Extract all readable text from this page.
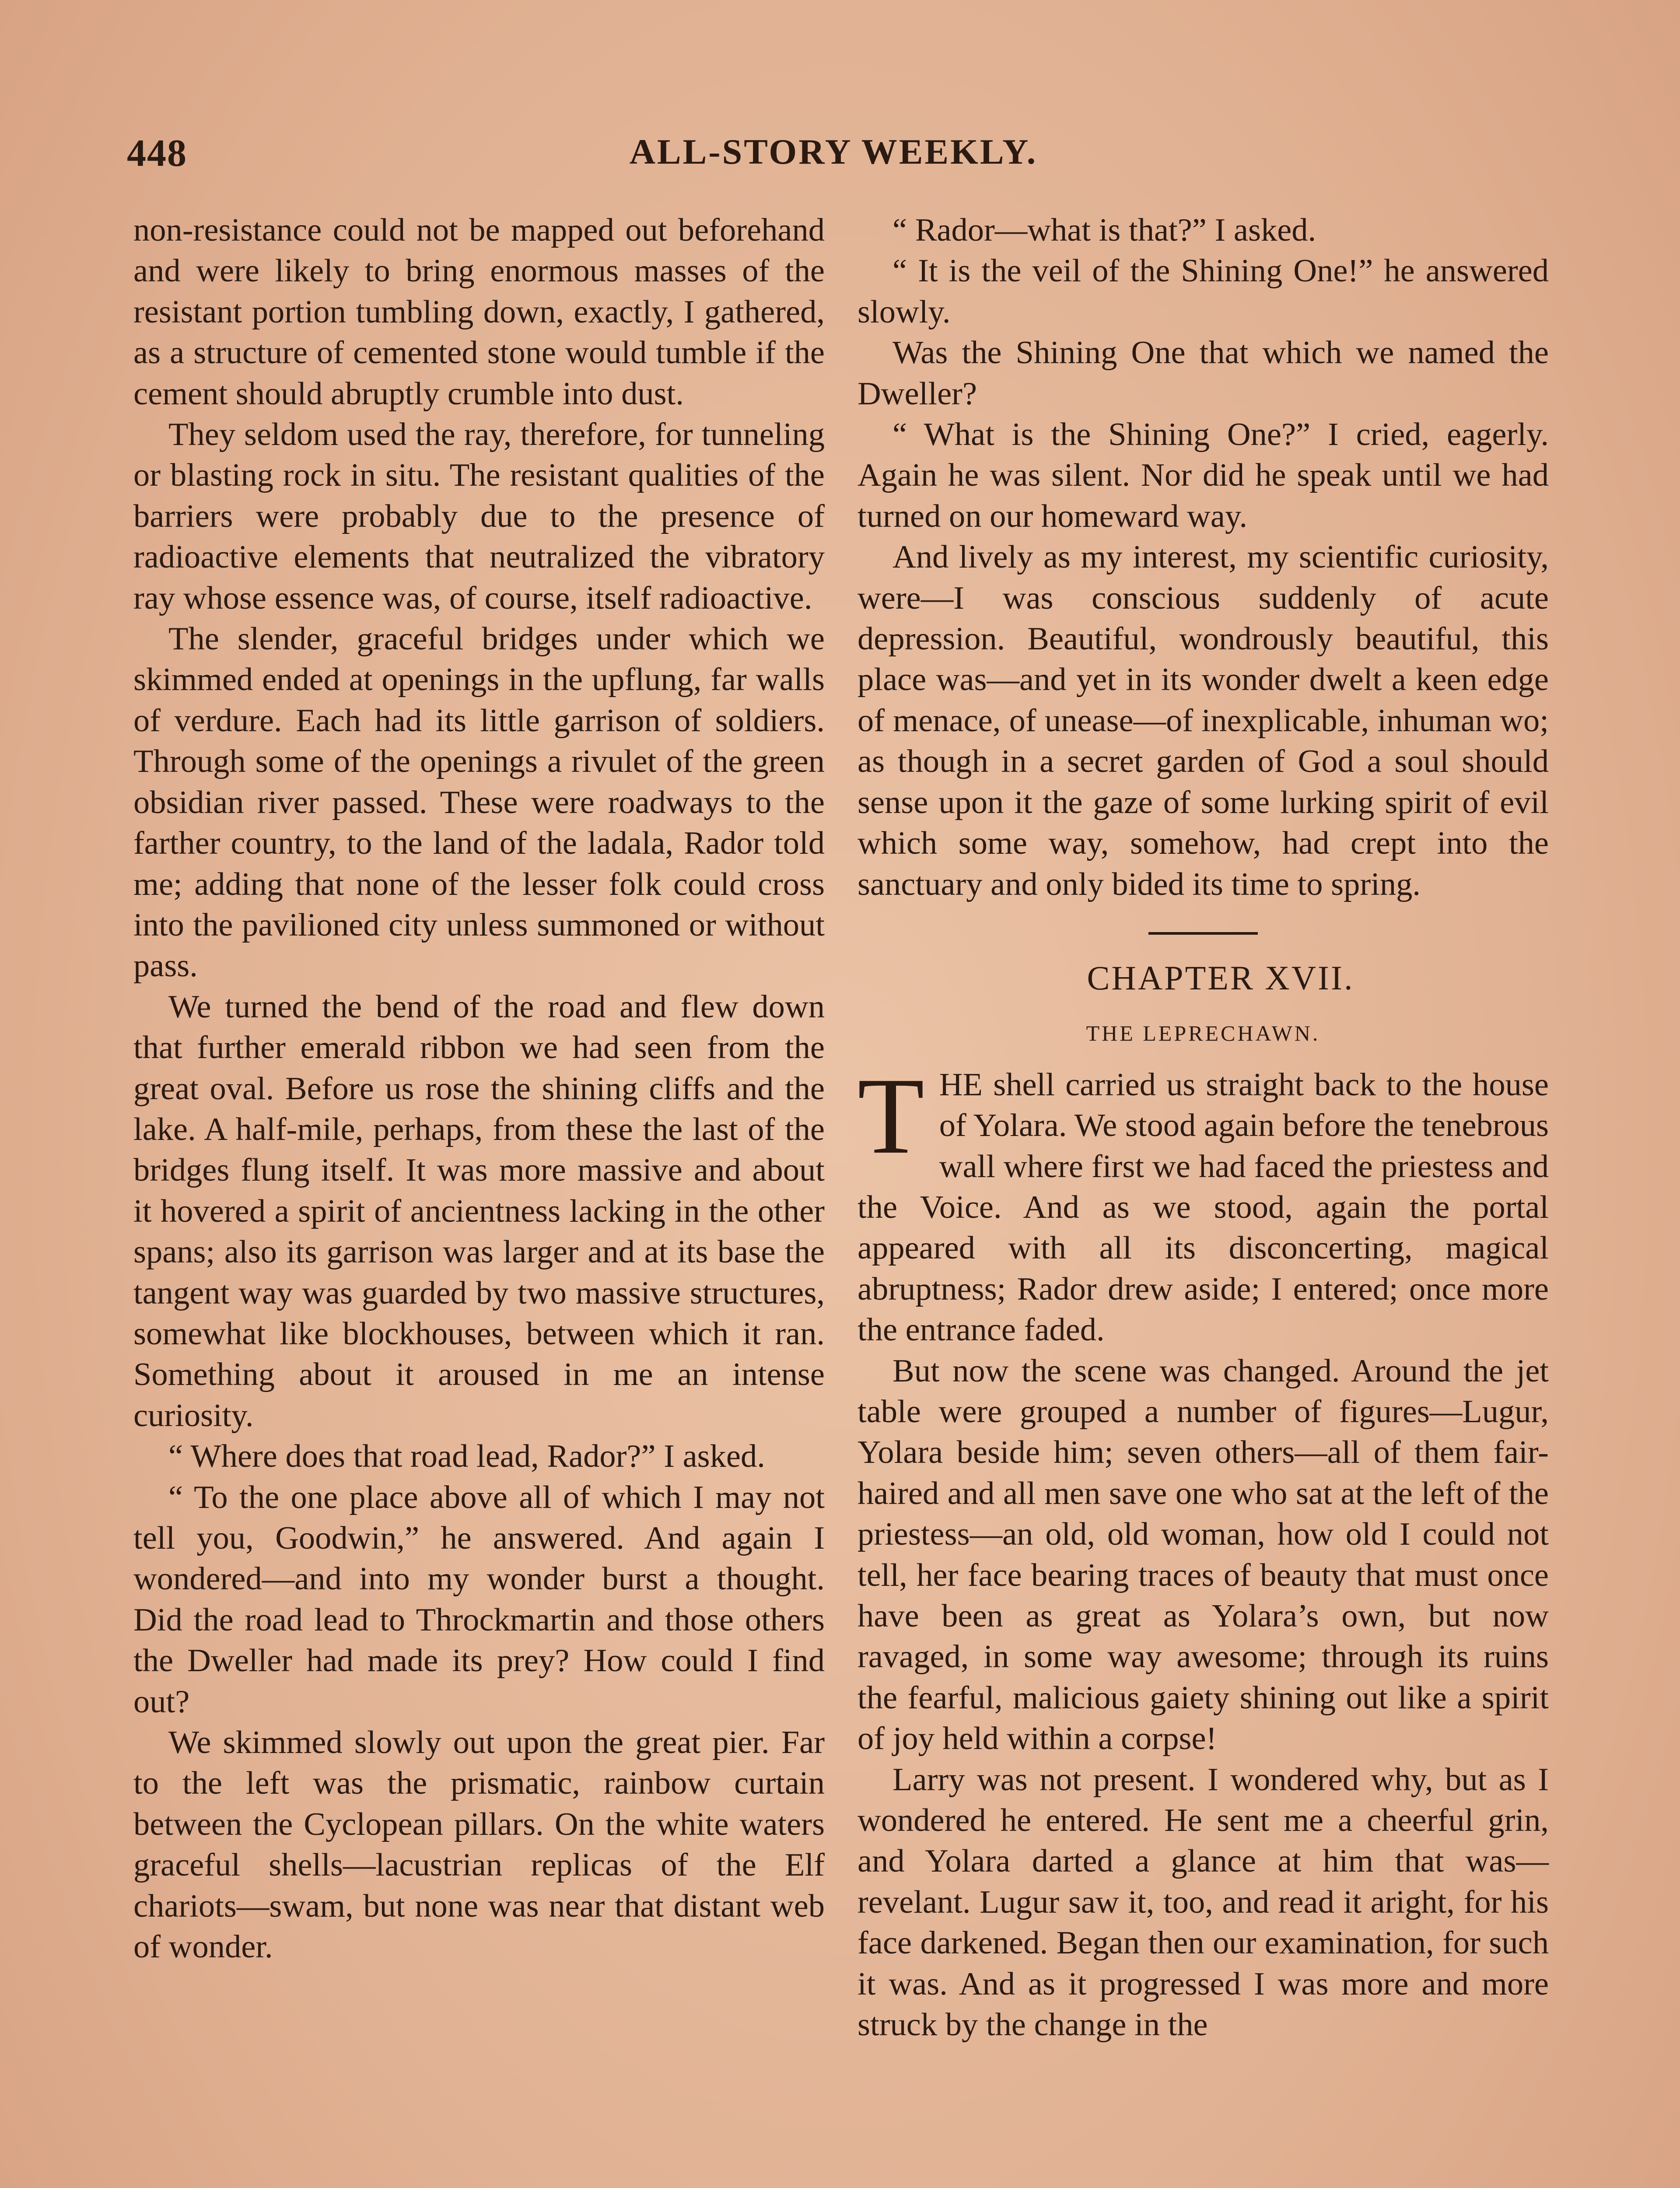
448	ALL-STORY WEEKLY.

non-resistance could not be mapped out beforehand and were likely to bring enormous masses of the resistant portion tumbling down, exactly, I gathered, as a structure of cemented stone would tumble if the cement should abruptly crumble into dust.

They seldom used the ray, therefore, for tunneling or blasting rock in situ. The resistant qualities of the barriers were probably due to the presence of radioactive elements that neutralized the vibratory ray whose essence was, of course, itself radioactive.

The slender, graceful bridges under which we skimmed ended at openings in the upflung, far walls of verdure. Each had its little garrison of soldiers. Through some of the openings a rivulet of the green obsidian river passed. These were roadways to the farther country, to the land of the ladala, Rador told me; adding that none of the lesser folk could cross into the pavilioned city unless summoned or without pass.

We turned the bend of the road and flew down that further emerald ribbon we had seen from the great oval. Before us rose the shining cliffs and the lake. A half-mile, perhaps, from these the last of the bridges flung itself. It was more massive and about it hovered a spirit of ancientness lacking in the other spans; also its garrison was larger and at its base the tangent way was guarded by two massive structures, somewhat like blockhouses, between which it ran. Something about it aroused in me an intense curiosity.

“ Where does that road lead, Rador?” I asked.

“ To the one place above all of which I may not tell you, Goodwin,” he answered. And again I wondered—and into my wonder burst a thought. Did the road lead to Throckmartin and those others the Dweller had made its prey? How could I find out?

We skimmed slowly out upon the great pier. Far to the left was the prismatic, rainbow curtain between the Cyclopean pillars. On the white waters graceful shells—lacustrian replicas of the Elf chariots—swam, but none was near that distant web of wonder.

“ Rador—what is that?” I asked.

“ It is the veil of the Shining One!” he answered slowly.

Was the Shining One that which we named the Dweller?

“ What is the Shining One?” I cried, eagerly. Again he was silent. Nor did he speak until we had turned on our homeward way.

And lively as my interest, my scientific curiosity, were—I was conscious suddenly of acute depression. Beautiful, wondrously beautiful, this place was—and yet in its wonder dwelt a keen edge of menace, of unease—of inexplicable, inhuman wo; as though in a secret garden of God a soul should sense upon it the gaze of some lurking spirit of evil which some way, somehow, had crept into the sanctuary and only bided its time to spring.

CHAPTER XVII.

THE LEPRECHAWN.

THE shell carried us straight back to the house of Yolara. We stood again before the tenebrous wall where first we had faced the priestess and the Voice. And as we stood, again the portal appeared with all its disconcerting, magical abruptness; Rador drew aside; I entered; once more the entrance faded.

But now the scene was changed. Around the jet table were grouped a number of figures—Lugur, Yolara beside him; seven others—all of them fair-haired and all men save one who sat at the left of the priestess—an old, old woman, how old I could not tell, her face bearing traces of beauty that must once have been as great as Yolara’s own, but now ravaged, in some way awesome; through its ruins the fearful, malicious gaiety shining out like a spirit of joy held within a corpse!

Larry was not present. I wondered why, but as I wondered he entered. He sent me a cheerful grin, and Yolara darted a glance at him that was—revelant. Lugur saw it, too, and read it aright, for his face darkened. Began then our examination, for such it was. And as it progressed I was more and more struck by the change in the
